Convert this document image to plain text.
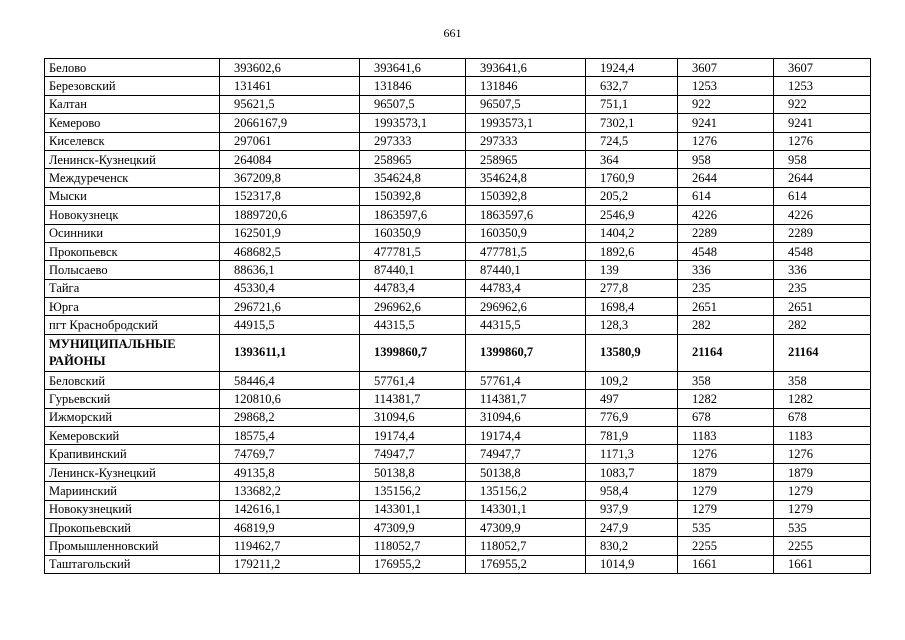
661
Белово	393602,6	393641,6	393641,6	1924,4	3607	3607
Березовский	131461	131846	131846	632,7	1253	1253
Калтан	95621,5	96507,5	96507,5	751,1	922	922
Кемерово	2066167,9	1993573,1	1993573,1	7302,1	9241	9241
Киселевск	297061	297333	297333	724,5	1276	1276
Ленинск-Кузнецкий	264084	258965	258965	364	958	958
Междуреченск	367209,8	354624,8	354624,8	1760,9	2644	2644
Мыски	152317,8	150392,8	150392,8	205,2	614	614
Новокузнецк	1889720,6	1863597,6	1863597,6	2546,9	4226	4226
Осинники	162501,9	160350,9	160350,9	1404,2	2289	2289
Прокопьевск	468682,5	477781,5	477781,5	1892,6	4548	4548
Полысаево	88636,1	87440,1	87440,1	139	336	336
Тайга	45330,4	44783,4	44783,4	277,8	235	235
Юрга	296721,6	296962,6	296962,6	1698,4	2651	2651
пгт Краснобродский	44915,5	44315,5	44315,5	128,3	282	282
МУНИЦИПАЛЬНЫЕ РАЙОНЫ	1393611,1	1399860,7	1399860,7	13580,9	21164	21164
Беловский	58446,4	57761,4	57761,4	109,2	358	358
Гурьевский	120810,6	114381,7	114381,7	497	1282	1282
Ижморский	29868,2	31094,6	31094,6	776,9	678	678
Кемеровский	18575,4	19174,4	19174,4	781,9	1183	1183
Крапивинский	74769,7	74947,7	74947,7	1171,3	1276	1276
Ленинск-Кузнецкий	49135,8	50138,8	50138,8	1083,7	1879	1879
Мариинский	133682,2	135156,2	135156,2	958,4	1279	1279
Новокузнецкий	142616,1	143301,1	143301,1	937,9	1279	1279
Прокопьевский	46819,9	47309,9	47309,9	247,9	535	535
Промышленновский	119462,7	118052,7	118052,7	830,2	2255	2255
Таштагольский	179211,2	176955,2	176955,2	1014,9	1661	1661
